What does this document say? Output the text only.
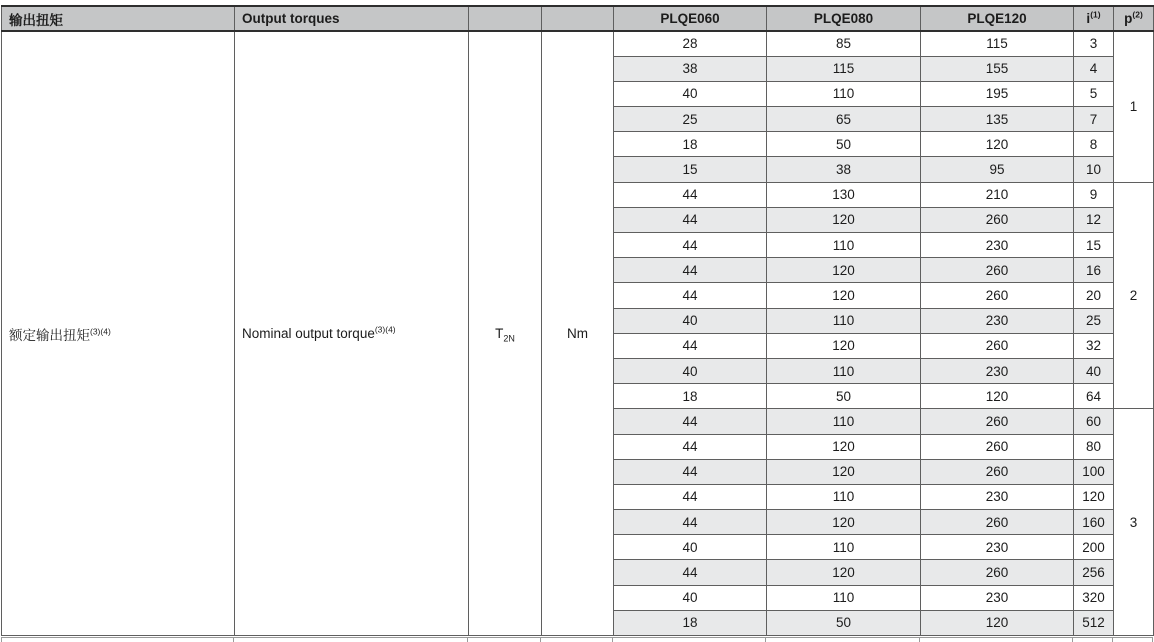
输出扭矩	Output torques			PLQE060	PLQE080	PLQE120	$i^{(1)}$	$p^{(2)}$
额定输出扭矩$^{(3)(4)}$	Nominal output torque$^{(3)(4)}$	$T_{2N}$	Nm	28	85	115	3	1
				38	115	155	4	
				40	110	195	5	
				25	65	135	7	
				18	50	120	8	
				15	38	95	10	
				44	130	210	9	2
				44	120	260	12	
				44	110	230	15	
				44	120	260	16	
				44	120	260	20	
				40	110	230	25	
				44	120	260	32	
				40	110	230	40	
				18	50	120	64	
				44	110	260	60	3
				44	120	260	80	
				44	120	260	100	
				44	110	230	120	
				44	120	260	160	
				40	110	230	200	
				44	120	260	256	
				40	110	230	320	
				18	50	120	512	
